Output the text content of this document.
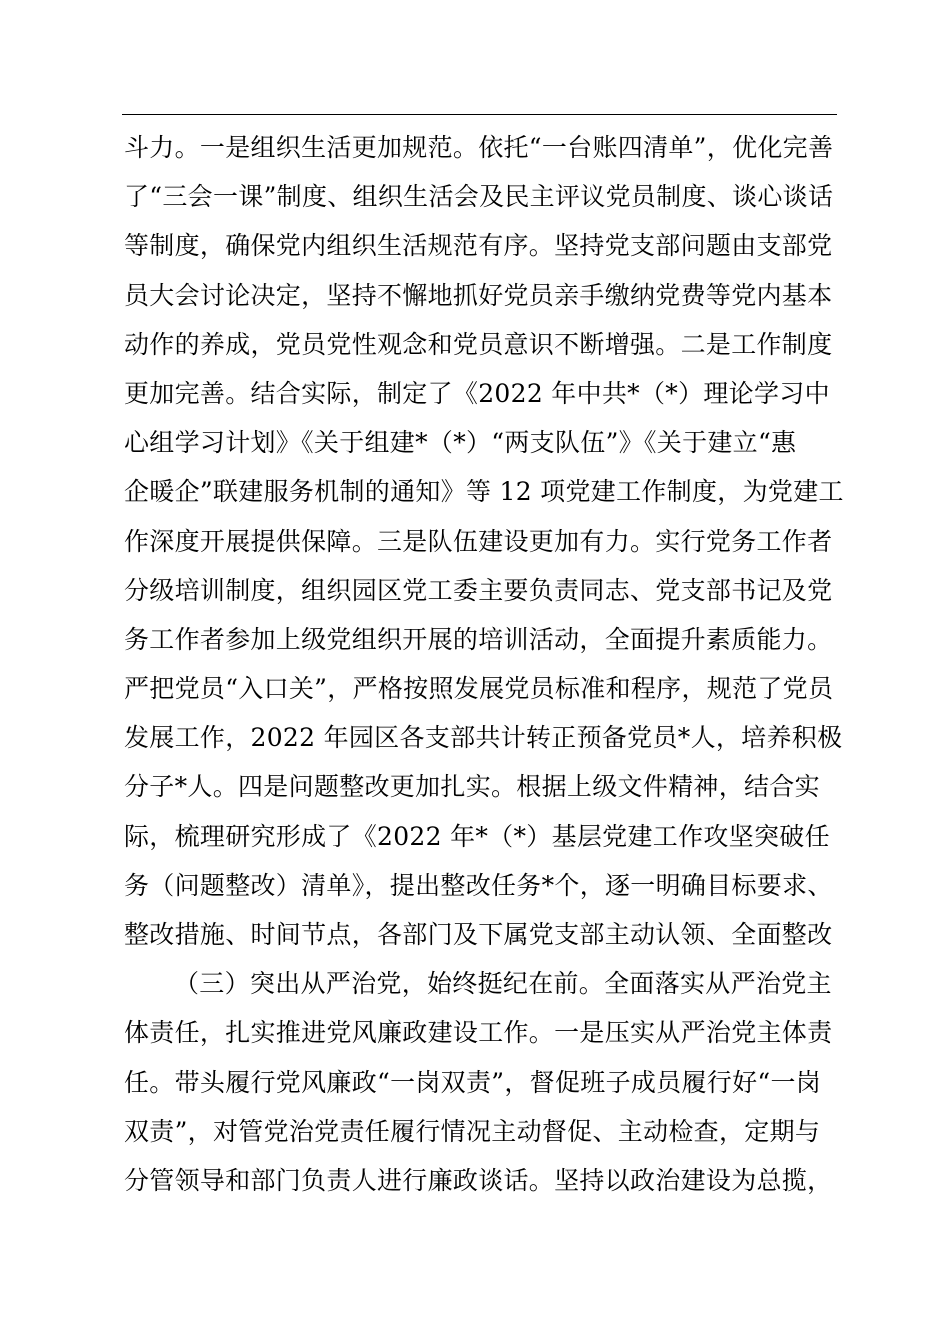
斗力。一是组织生活更加规范。依托“一台账四清单”，优化完善
了“三会一课”制度、组织生活会及民主评议党员制度、谈心谈话
等制度，确保党内组织生活规范有序。坚持党支部问题由支部党
员大会讨论决定，坚持不懈地抓好党员亲手缴纳党费等党内基本
动作的养成，党员党性观念和党员意识不断增强。二是工作制度
更加完善。结合实际，制定了《2022 年中共*（*）理论学习中
心组学习计划》《关于组建*（*）“两支队伍”》《关于建立“惠
企暖企”联建服务机制的通知》等 12 项党建工作制度，为党建工
作深度开展提供保障。三是队伍建设更加有力。实行党务工作者
分级培训制度，组织园区党工委主要负责同志、党支部书记及党
务工作者参加上级党组织开展的培训活动，全面提升素质能力。
严把党员“入口关”，严格按照发展党员标准和程序，规范了党员
发展工作，2022 年园区各支部共计转正预备党员*人，培养积极
分子*人。四是问题整改更加扎实。根据上级文件精神，结合实
际，梳理研究形成了《2022 年*（*）基层党建工作攻坚突破任
务（问题整改）清单》，提出整改任务*个，逐一明确目标要求、
整改措施、时间节点，各部门及下属党支部主动认领、全面整改
（三）突出从严治党，始终挺纪在前。全面落实从严治党主
体责任，扎实推进党风廉政建设工作。一是压实从严治党主体责
任。带头履行党风廉政“一岗双责”，督促班子成员履行好“一岗
双责”，对管党治党责任履行情况主动督促、主动检查，定期与
分管领导和部门负责人进行廉政谈话。坚持以政治建设为总揽，
